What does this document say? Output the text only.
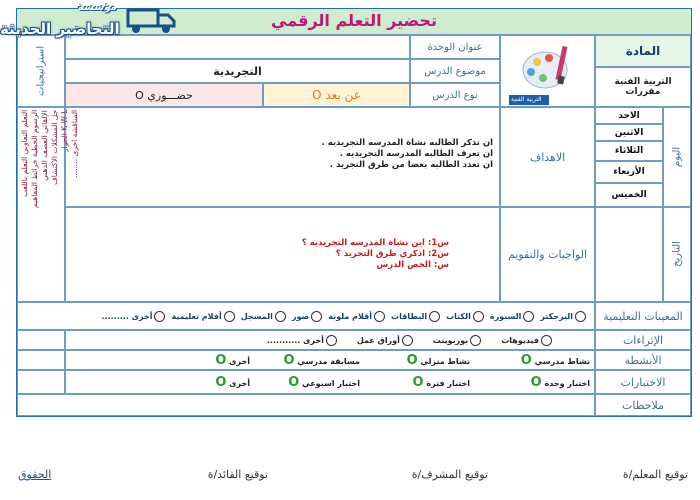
تحضير التعلم الرقمي
المادة
التربية الفنية
مقررات
التربية الفنية
عنوان الوحدة
موضوع الدرس
نوع الدرس
التجريدية
عن بعد O
حضـــوري O
استراتيجيات
التعلم التعاوني التعلم باللعب الرسوم الخطية خرائط المفاهيم الإلقائي العصف الذهني حل المشكلات الاكتشاف K W L الحوار المناقشة اخرى ........	اليوم
التاريخ
الاحد
الاثنين
الثلاثاء
الأربعاء
الخميس
الاهداف
ان تذكر الطالبه نشاة المدرسه التجريديه .
ان تعرف الطالبه المدرسه التجريديه .
ان تعدد الطالبه بعضا من طرق التجريد .
الواجبات والتقويم
س1: اين نشاة المدرسه التجريديه ؟
س2: اذكري طرق التجريد ؟
س: الخص الدرس
المعينات التعليمية
البرجكتر
السبورة
الكتاب
البطاقات
أقلام ملونة
صور
المسجل
أفلام تعليمية
أخرى .........
الإثراءات
فيديوهات
بوربوينت
أوراق عمل
أخرى ...........
الأنشطة
نشاط مدرسي O
نشاط منزلي O
مسابقة مدرسي O
أخرى O
الاختبارات
اختبار وحدة O
اختبار فترة O
اختبار اسبوعي O
أخرى O
ملاحظات
مؤسسة
التحاضير الحديثة
توقيع المعلم/ة
توقيع المشرف/ة
توقيع القائد/ة
الحقوق
